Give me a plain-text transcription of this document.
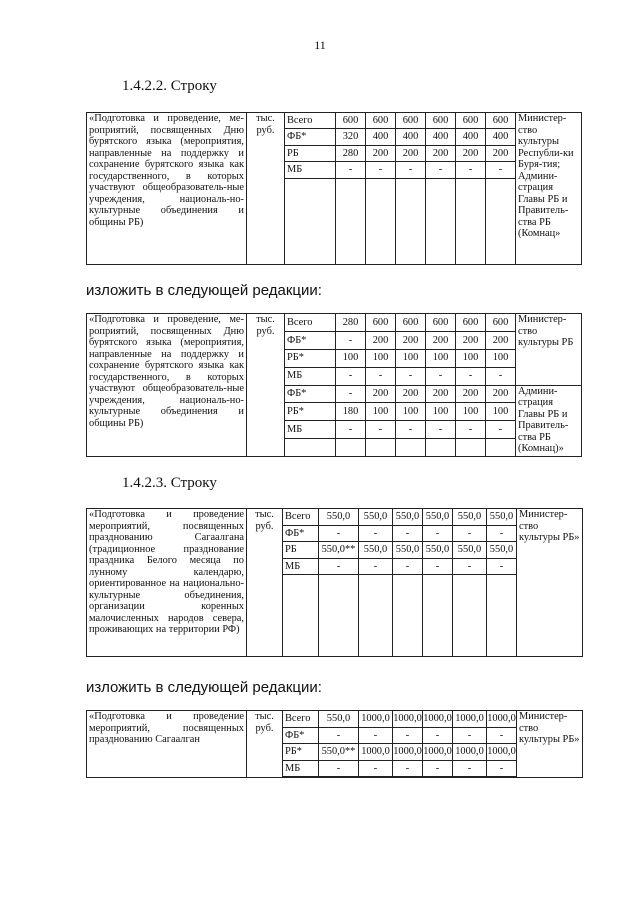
11
1.4.2.2. Строку
«Подготовка и проведение, ме-роприятий, посвященных Дню бурятского языка (мероприятия, направленные на поддержку и сохранение бурятского языка как государственного, в которых участвуют общеобразователь-ные учреждения, националь-но-культурные объединения и общины РБ)	тыс. руб.	Всего	600	600	600	600	600	600	Министер-ство культуры Республи-ки Буря-тия; Админи-страция Главы РБ и Правитель-ства РБ (Комнац»
		ФБ*	320	400	400	400	400	400	
		РБ	280	200	200	200	200	200	
		МБ	-	-	-	-	-	-	

изложить в следующей редакции:
«Подготовка и проведение, ме-роприятий, посвященных Дню бурятского языка (мероприятия, направленные на поддержку и сохранение бурятского языка как государственного, в которых участвуют общеобразователь-ные учреждения, националь-но-культурные объединения и общины РБ)	тыс. руб.	Всего	280	600	600	600	600	600	Министер-ство культуры РБ
		ФБ*	-	200	200	200	200	200	
		РБ*	100	100	100	100	100	100	
		МБ	-	-	-	-	-	-	
		ФБ*	-	200	200	200	200	200	Админи-страция Главы РБ и Правитель-ства РБ (Комнац)»
		РБ*	180	100	100	100	100	100	
		МБ	-	-	-	-	-	-	

1.4.2.3. Строку
«Подготовка и проведение мероприятий, посвященных празднованию Сагаалгана (традиционное празднование праздника Белого месяца по лунному календарю, ориентированное на национально-культурные объединения, организации коренных малочисленных народов севера, проживающих на территории РФ)	тыс. руб.	Всего	550,0	550,0	550,0	550,0	550,0	550,0	Министер-ство культуры РБ»
		ФБ*	-	-	-	-	-	-	
		РБ	550,0**	550,0	550,0	550,0	550,0	550,0	
		МБ	-	-	-	-	-	-	

изложить в следующей редакции:
«Подготовка и проведение мероприятий, посвященных празднованию Сагаалган	тыс. руб.	Всего	550,0	1000,0	1000,0	1000,0	1000,0	1000,0	Министер-ство культуры РБ»
		ФБ*	-	-	-	-	-	-	
		РБ*	550,0**	1000,0	1000,0	1000,0	1000,0	1000,0	
		МБ	-	-	-	-	-	-	
